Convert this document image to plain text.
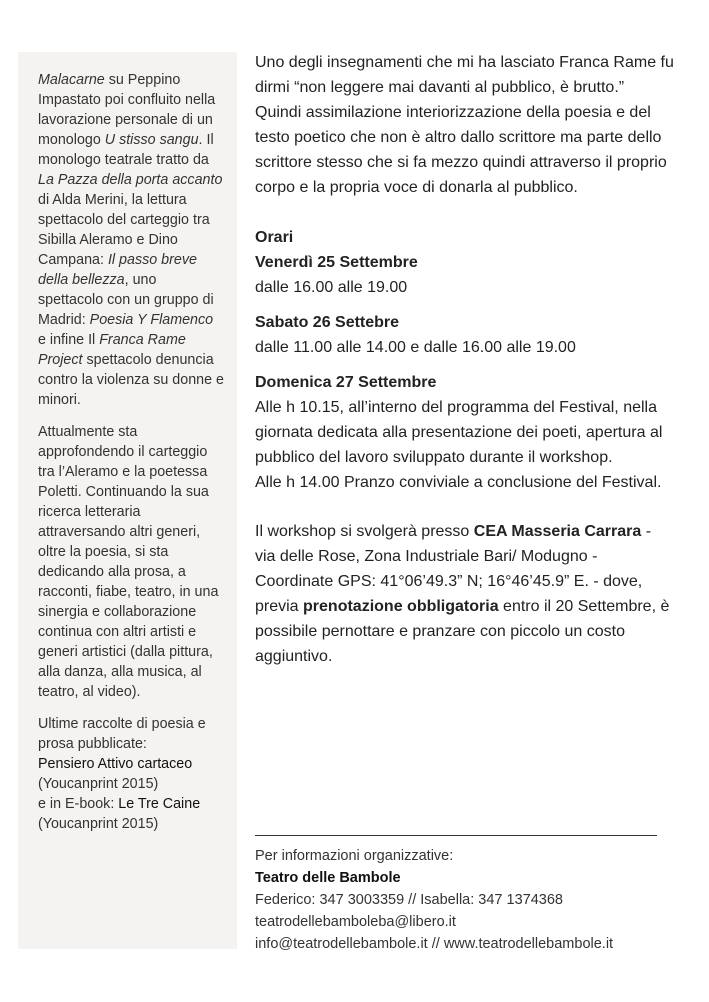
Malacarne su Peppino Impastato poi confluito nella lavorazione personale di un monologo U stisso sangu. Il monologo teatrale tratto da La Pazza della porta accanto di Alda Merini, la lettura spettacolo del carteggio tra Sibilla Aleramo e Dino Campana: Il passo breve della bellezza, uno spettacolo con un gruppo di Madrid: Poesia Y Flamenco e infine Il Franca Rame Project spettacolo denuncia contro la violenza su donne e minori.

Attualmente sta approfondendo il carteggio tra l’Aleramo e la poetessa Poletti. Continuando la sua ricerca letteraria attraversando altri generi, oltre la poesia, si sta dedicando alla prosa, a racconti, fiabe, teatro, in una sinergia e collaborazione continua con altri artisti e generi artistici (dalla pittura, alla danza, alla musica, al teatro, al video).

Ultime raccolte di poesia e prosa pubblicate:
Pensiero Attivo cartaceo
(Youcanprint 2015)
e in E-book: Le Tre Caine
(Youcanprint 2015)

Uno degli insegnamenti che mi ha lasciato Franca Rame fu dirmi “non leggere mai davanti al pubblico, è brutto.”

Quindi assimilazione interiorizzazione della poesia e del testo poetico che non è altro dallo scrittore ma parte dello scrittore stesso che si fa mezzo quindi attraverso il proprio corpo e la propria voce di donarla al pubblico.

Orari

Venerdì 25 Settembre
dalle 16.00 alle 19.00
Sabato 26 Settebre
dalle 11.00 alle 14.00 e dalle 16.00 alle 19.00
Domenica 27 Settembre
Alle h 10.15, all’interno del programma del Festival, nella giornata dedicata alla presentazione dei poeti, apertura al pubblico del lavoro sviluppato durante il workshop.
Alle h 14.00 Pranzo conviviale a conclusione del Festival.

Il workshop si svolgerà presso CEA Masseria Carrara - via delle Rose, Zona Industriale Bari/ Modugno - Coordinate GPS: 41°06’49.3” N; 16°46’45.9” E. - dove, previa prenotazione obbligatoria entro il 20 Settembre, è possibile pernottare e pranzare con piccolo un costo aggiuntivo.

Per informazioni organizzative:
Teatro delle Bambole
Federico: 347 3003359 // Isabella: 347 1374368
teatrodellebamboleba@libero.it
info@teatrodellebambole.it // www.teatrodellebambole.it
